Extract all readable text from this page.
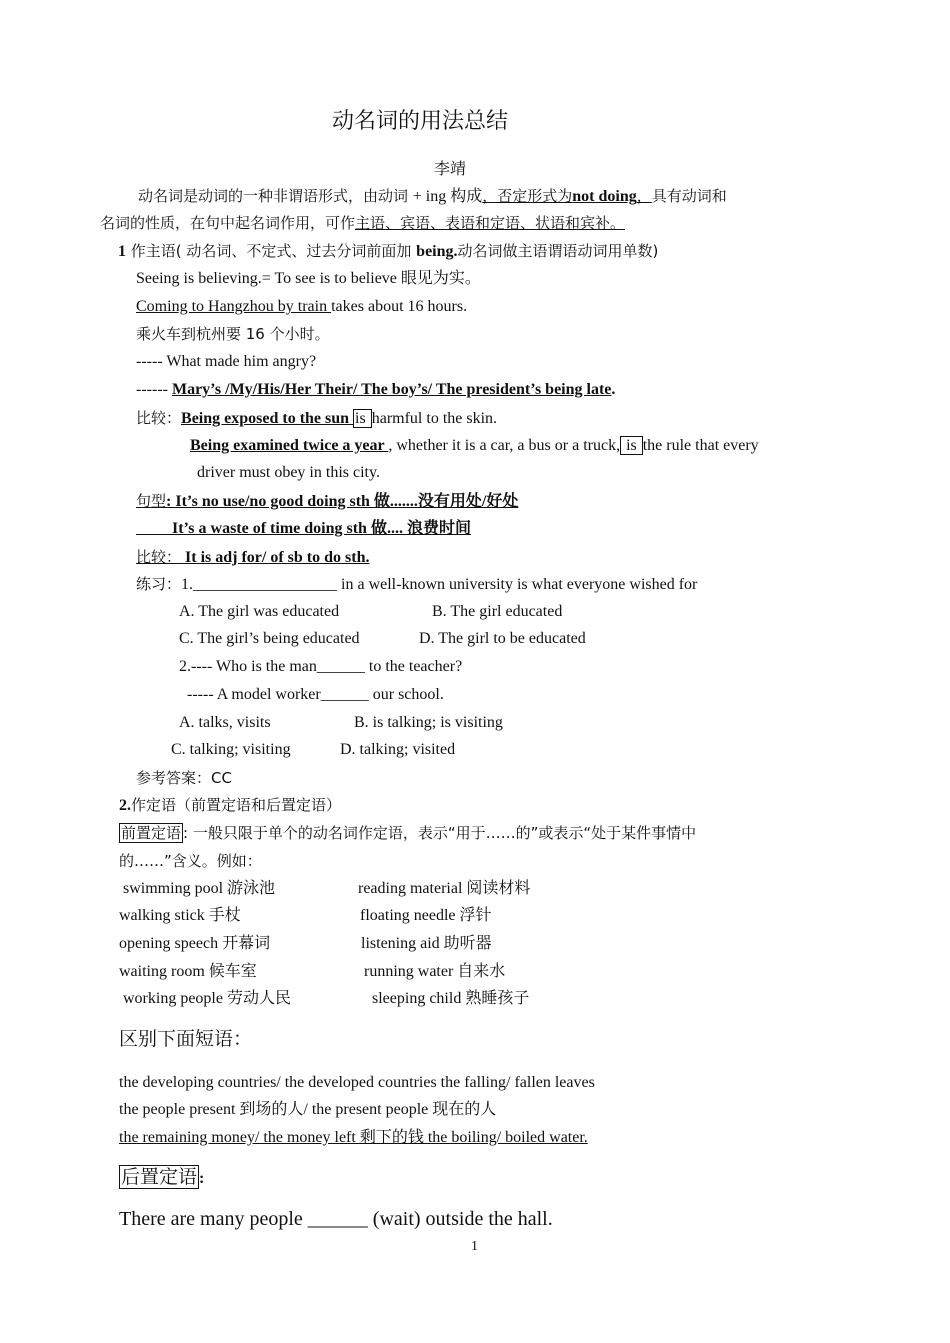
动名词的用法总结
李靖
动名词是动词的一种非谓语形式，由动词 + ing 构成，否定形式为not doing，具有动词和
名词的性质，在句中起名词作用，可作主语、宾语、表语和定语、状语和宾补。
1 作主语( 动名词、不定式、过去分词前面加 being.动名词做主语谓语动词用单数)
Seeing is believing.= To see is to believe 眼见为实。
Coming to Hangzhou by train takes about 16 hours.
乘火车到杭州要 16 个小时。
----- What made him angry?
------ Mary’s /My/His/Her Their/ The boy’s/ The president’s being late.
比较：Being exposed to the sun is harmful to the skin.
Being examined twice a year , whether it is a car, a bus or a truck, is the rule that every
driver must obey in this city.
句型: It’s no use/no good doing sth 做.......没有用处/好处
It’s a waste of time doing sth 做.... 浪费时间
比较： It is adj for/ of sb to do sth.
练习：1.__________________ in a well-known university is what everyone wished for
A. The girl was educated	B. The girl educated
C. The girl’s being educated	D. The girl to be educated
2.---- Who is the man______ to the teacher?
----- A model worker______ our school.
A. talks, visits	B. is talking; is visiting
C. talking; visiting	D. talking; visited
参考答案：CC
2.作定语（前置定语和后置定语）
前置定语 : 一般只限于单个的动名词作定语，表示“用于……的”或表示“处于某件事情中
的……”含义。例如：
swimming pool 游泳池	reading material 阅读材料
walking stick 手杖	floating needle 浮针
opening speech 开幕词	listening aid 助听器
waiting room 候车室	running water 自来水
working people 劳动人民	sleeping child 熟睡孩子
区别下面短语：
the developing countries/ the developed countries the falling/ fallen leaves
the people present 到场的人/ the present people 现在的人
the remaining money/ the money left 剩下的钱 the boiling/ boiled water.
后置定语 :
There are many people ______ (wait) outside the hall.
1
